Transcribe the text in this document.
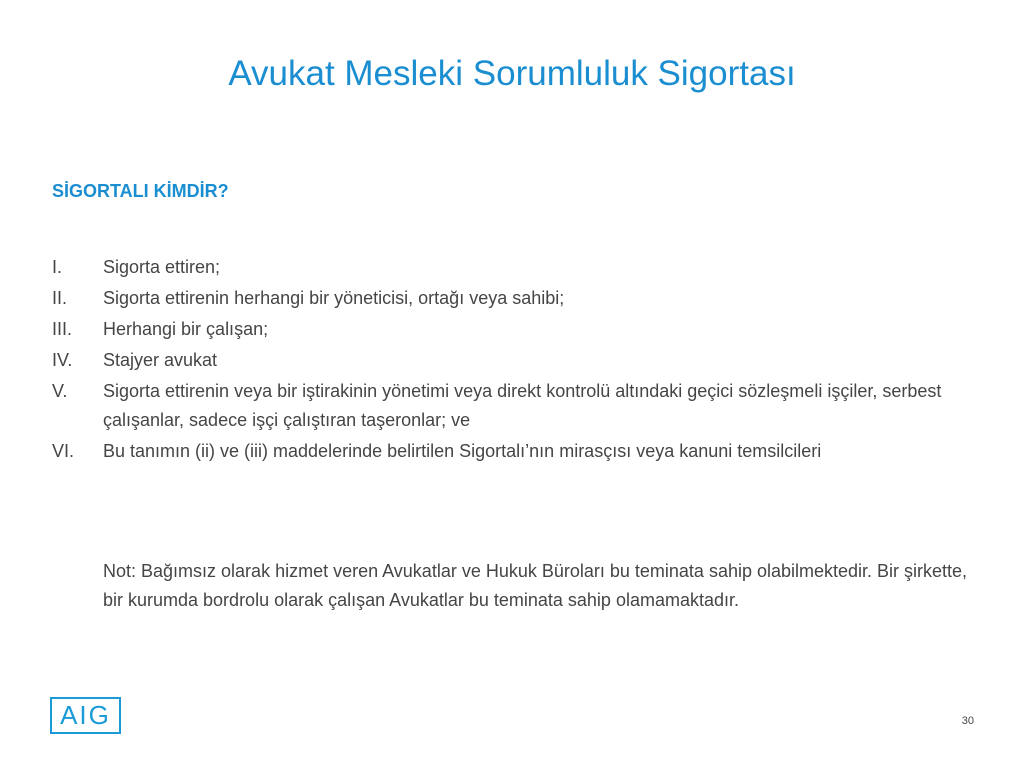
Avukat Mesleki Sorumluluk Sigortası
SİGORTALI KİMDİR?
I.	Sigorta ettiren;
II.	Sigorta ettirenin herhangi bir yöneticisi, ortağı veya sahibi;
III.	Herhangi bir çalışan;
IV.	Stajyer avukat
V.	Sigorta ettirenin veya bir iştirakinin yönetimi veya direkt kontrolü altındaki geçici sözleşmeli işçiler, serbest çalışanlar, sadece işçi çalıştıran taşeronlar; ve
VI.	Bu tanımın (ii) ve (iii) maddelerinde belirtilen Sigortalı’nın mirasçısı veya kanuni temsilcileri

Not: Bağımsız olarak hizmet veren Avukatlar ve Hukuk Büroları bu teminata sahip olabilmektedir. Bir şirkette, bir kurumda bordrolu olarak çalışan Avukatlar bu teminata sahip olamamaktadır.

AIG	30
